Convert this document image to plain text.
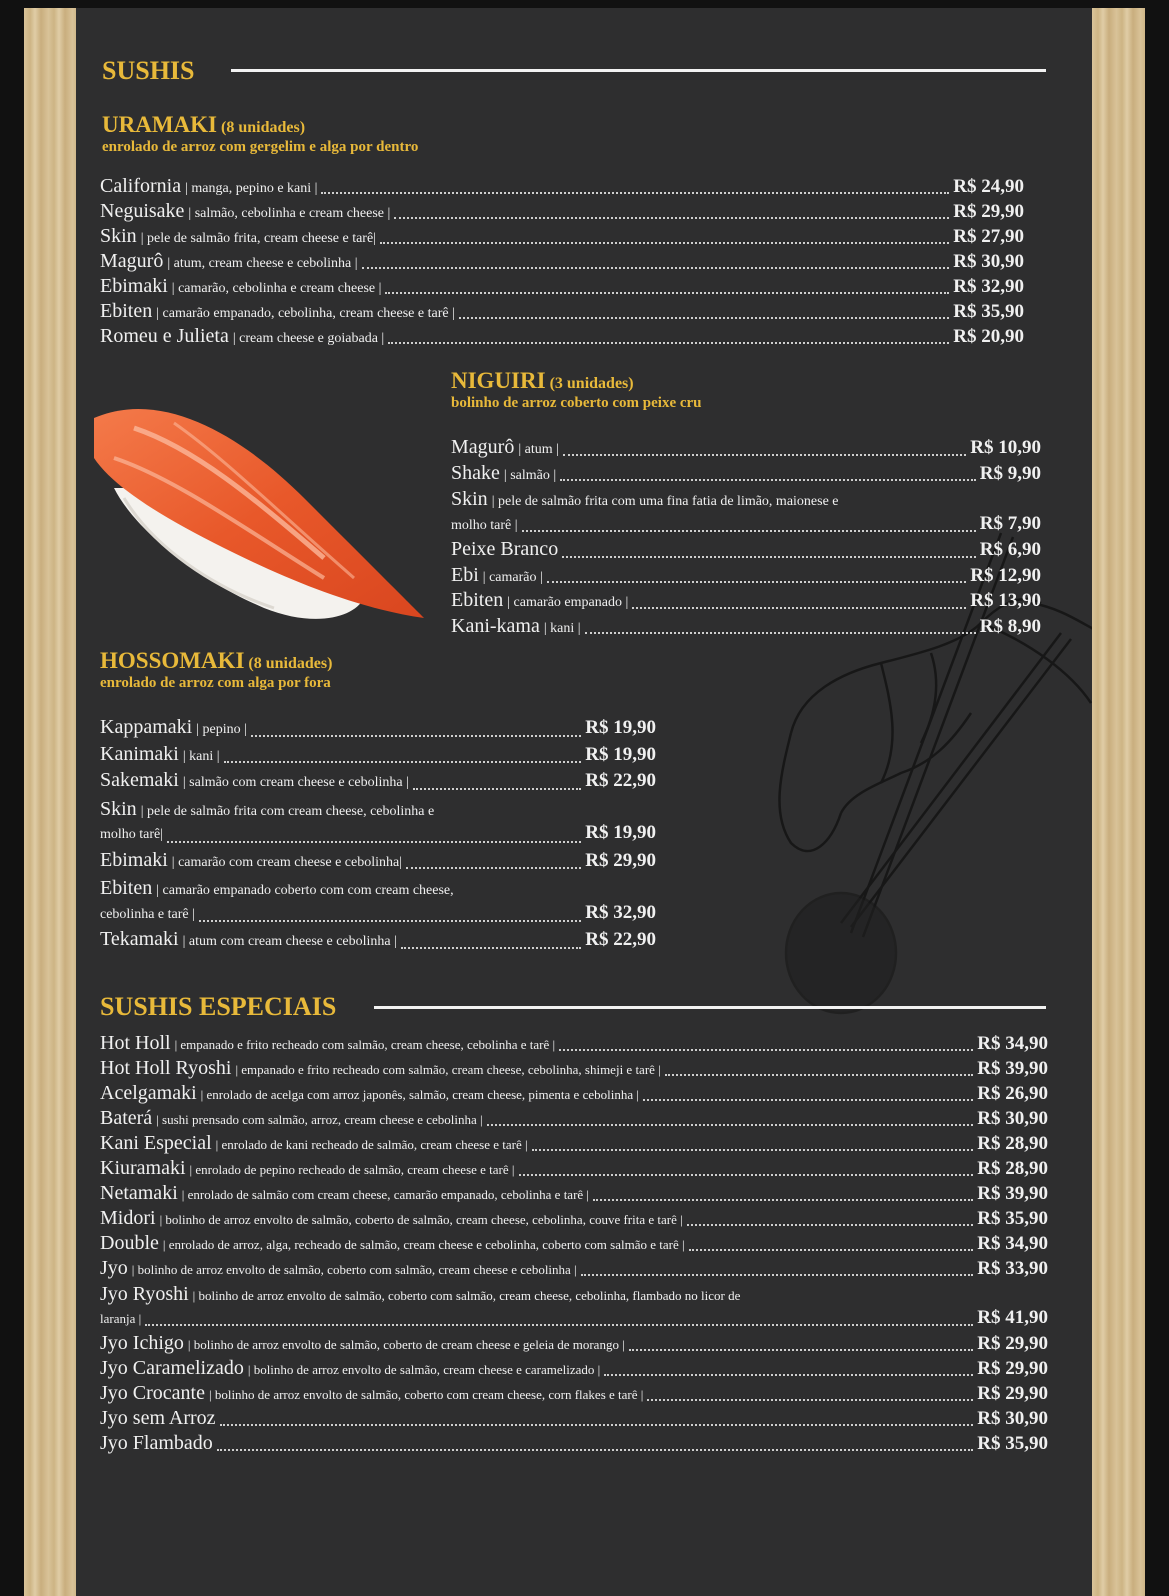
SUSHIS
URAMAKI (8 unidades)
enrolado de arroz com gergelim e alga por dentro
California | manga, pepino e kani |	R$ 24,90
Neguisake | salmão, cebolinha e cream cheese |	R$ 29,90
Skin | pele de salmão frita, cream cheese e tarê|	R$ 27,90
Magurô | atum, cream cheese e cebolinha |	R$ 30,90
Ebimaki | camarão, cebolinha e cream cheese |	R$ 32,90
Ebiten | camarão empanado, cebolinha, cream cheese e tarê |	R$ 35,90
Romeu e Julieta | cream cheese e goiabada |	R$ 20,90
NIGUIRI (3 unidades)
bolinho de arroz coberto com peixe cru
Magurô | atum |	R$ 10,90
Shake | salmão |	R$ 9,90
Skin | pele de salmão frita com uma fina fatia de limão, maionese e
molho tarê |	R$ 7,90
Peixe Branco	R$ 6,90
Ebi | camarão |	R$ 12,90
Ebiten | camarão empanado |	R$ 13,90
Kani-kama | kani |	R$ 8,90
HOSSOMAKI (8 unidades)
enrolado de arroz com alga por fora
Kappamaki | pepino |	R$ 19,90
Kanimaki | kani |	R$ 19,90
Sakemaki | salmão com cream cheese e cebolinha |	R$ 22,90
Skin | pele de salmão frita com cream cheese, cebolinha e
molho tarê|	R$ 19,90
Ebimaki | camarão com cream cheese e cebolinha|	R$ 29,90
Ebiten | camarão empanado coberto com com cream cheese,
cebolinha e tarê |	R$ 32,90
Tekamaki | atum com cream cheese e cebolinha |	R$ 22,90
SUSHIS ESPECIAIS
Hot Holl | empanado e frito recheado com salmão, cream cheese, cebolinha e tarê |	R$ 34,90
Hot Holl Ryoshi | empanado e frito recheado com salmão, cream cheese, cebolinha, shimeji e tarê |	R$ 39,90
Acelgamaki | enrolado de acelga com arroz japonês, salmão, cream cheese, pimenta e cebolinha |	R$ 26,90
Baterá | sushi prensado com salmão, arroz, cream cheese e cebolinha |	R$ 30,90
Kani Especial | enrolado de kani recheado de salmão, cream cheese e tarê |	R$ 28,90
Kiuramaki | enrolado de pepino recheado de salmão, cream cheese e tarê |	R$ 28,90
Netamaki | enrolado de salmão com cream cheese, camarão empanado, cebolinha e tarê |	R$ 39,90
Midori | bolinho de arroz envolto de salmão, coberto de salmão, cream cheese, cebolinha, couve frita e tarê |	R$ 35,90
Double | enrolado de arroz, alga, recheado de salmão, cream cheese e cebolinha, coberto com salmão e tarê |	R$ 34,90
Jyo | bolinho de arroz envolto de salmão, coberto com salmão, cream cheese e cebolinha |	R$ 33,90
Jyo Ryoshi | bolinho de arroz envolto de salmão, coberto com salmão, cream cheese, cebolinha, flambado no licor de
laranja |	R$ 41,90
Jyo Ichigo | bolinho de arroz envolto de salmão, coberto de cream cheese e geleia de morango |	R$ 29,90
Jyo Caramelizado | bolinho de arroz envolto de salmão, cream cheese e caramelizado |	R$ 29,90
Jyo Crocante | bolinho de arroz envolto de salmão, coberto com cream cheese, corn flakes e tarê |	R$ 29,90
Jyo sem Arroz	R$ 30,90
Jyo Flambado	R$ 35,90
